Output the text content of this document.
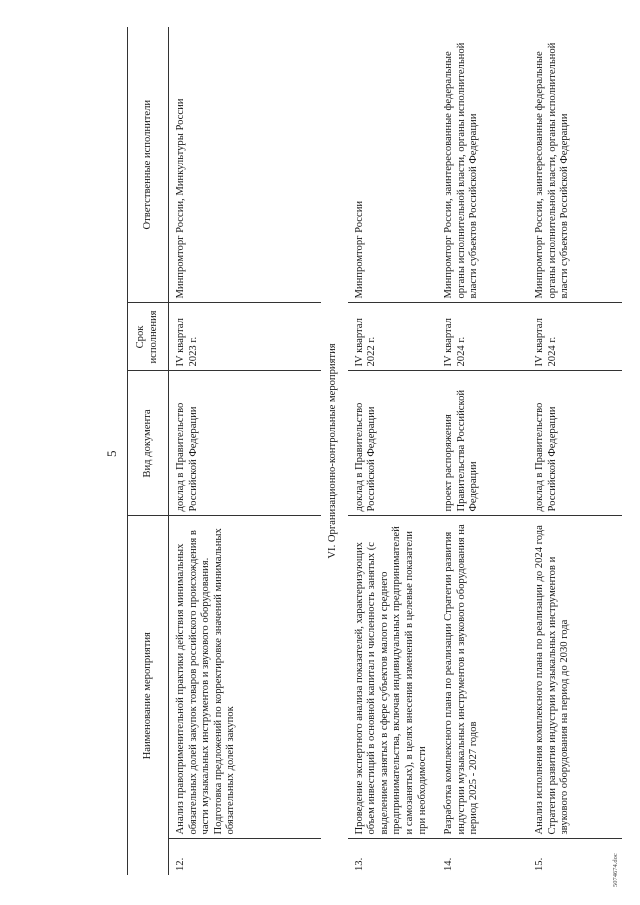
5
Наименование мероприятия		Вид документа	Срок исполнения	Ответственные исполнители
12.	Анализ правоприменительной практики действия минимальных обязательных долей закупок товаров российского происхождения в части музыкальных инструментов и звукового оборудования. Подготовка предложений по корректировке значений минимальных обязательных долей закупок	доклад в Правительство Российской Федерации	IV квартал 2023 г.	Минпромторг России, Минкультуры России
VI. Организационно-контрольные мероприятия				
13.	Проведение экспертного анализа показателей, характеризующих объем инвестиций в основной капитал и численность занятых (с выделением занятых в сфере субъектов малого и среднего предпринимательства, включая индивидуальных предпринимателей и самозанятых), в целях внесения изменений в целевые показатели при необходимости	доклад в Правительство Российской Федерации	IV квартал 2022 г.	Минпромторг России
14.	Разработка комплексного плана по реализации Стратегии развития индустрии музыкальных инструментов и звукового оборудования на период 2025 - 2027 годов	проект распоряжения Правительства Российской Федерации	IV квартал 2024 г.	Минпромторг России, заинтересованные федеральные органы исполнительной власти, органы исполнительной власти субъектов Российской Федерации
15.	Анализ исполнения комплексного плана по реализации до 2024 года Стратегии развития индустрии музыкальных инструментов и звукового оборудования на период до 2030 года	доклад в Правительство Российской Федерации	IV квартал 2024 г.	Минпромторг России, заинтересованные федеральные органы исполнительной власти, органы исполнительной власти субъектов Российской Федерации
5074674.doc
